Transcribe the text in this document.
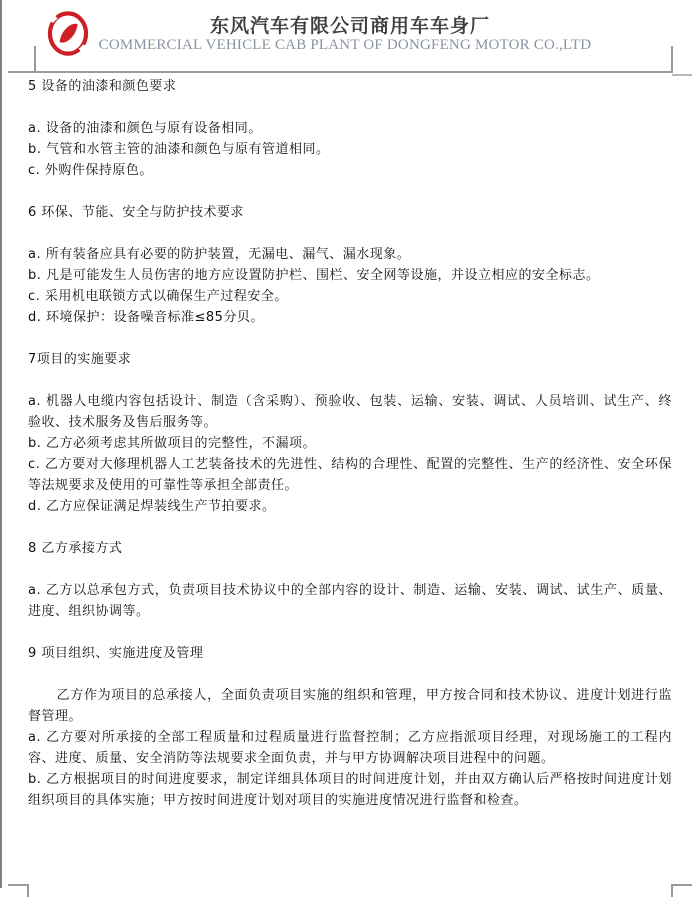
东风汽车有限公司商用车车身厂
COMMERCIAL VEHICLE CAB PLANT OF DONGFENG MOTOR CO.,LTD

5 设备的油漆和颜色要求

a. 设备的油漆和颜色与原有设备相同。

b. 气管和水管主管的油漆和颜色与原有管道相同。

c. 外购件保持原色。

6 环保、节能、安全与防护技术要求

a. 所有装备应具有必要的防护装置，无漏电、漏气、漏水现象。

b. 凡是可能发生人员伤害的地方应设置防护栏、围栏、安全网等设施，并设立相应的安全标志。

c. 采用机电联锁方式以确保生产过程安全。

d. 环境保护：设备噪音标准≤85分贝。

7项目的实施要求

a. 机器人电缆内容包括设计、制造（含采购）、预验收、包装、运输、安装、调试、人员培训、试生产、终验收、技术服务及售后服务等。

b. 乙方必须考虑其所做项目的完整性，不漏项。

c. 乙方要对大修理机器人工艺装备技术的先进性、结构的合理性、配置的完整性、生产的经济性、安全环保等法规要求及使用的可靠性等承担全部责任。

d. 乙方应保证满足焊装线生产节拍要求。

8 乙方承接方式

a. 乙方以总承包方式，负责项目技术协议中的全部内容的设计、制造、运输、安装、调试、试生产、质量、进度、组织协调等。

9 项目组织、实施进度及管理

乙方作为项目的总承接人，全面负责项目实施的组织和管理，甲方按合同和技术协议、进度计划进行监督管理。

a. 乙方要对所承接的全部工程质量和过程质量进行监督控制；乙方应指派项目经理，对现场施工的工程内容、进度、质量、安全消防等法规要求全面负责，并与甲方协调解决项目进程中的问题。

b. 乙方根据项目的时间进度要求，制定详细具体项目的时间进度计划，并由双方确认后严格按时间进度计划组织项目的具体实施；甲方按时间进度计划对项目的实施进度情况进行监督和检查。
